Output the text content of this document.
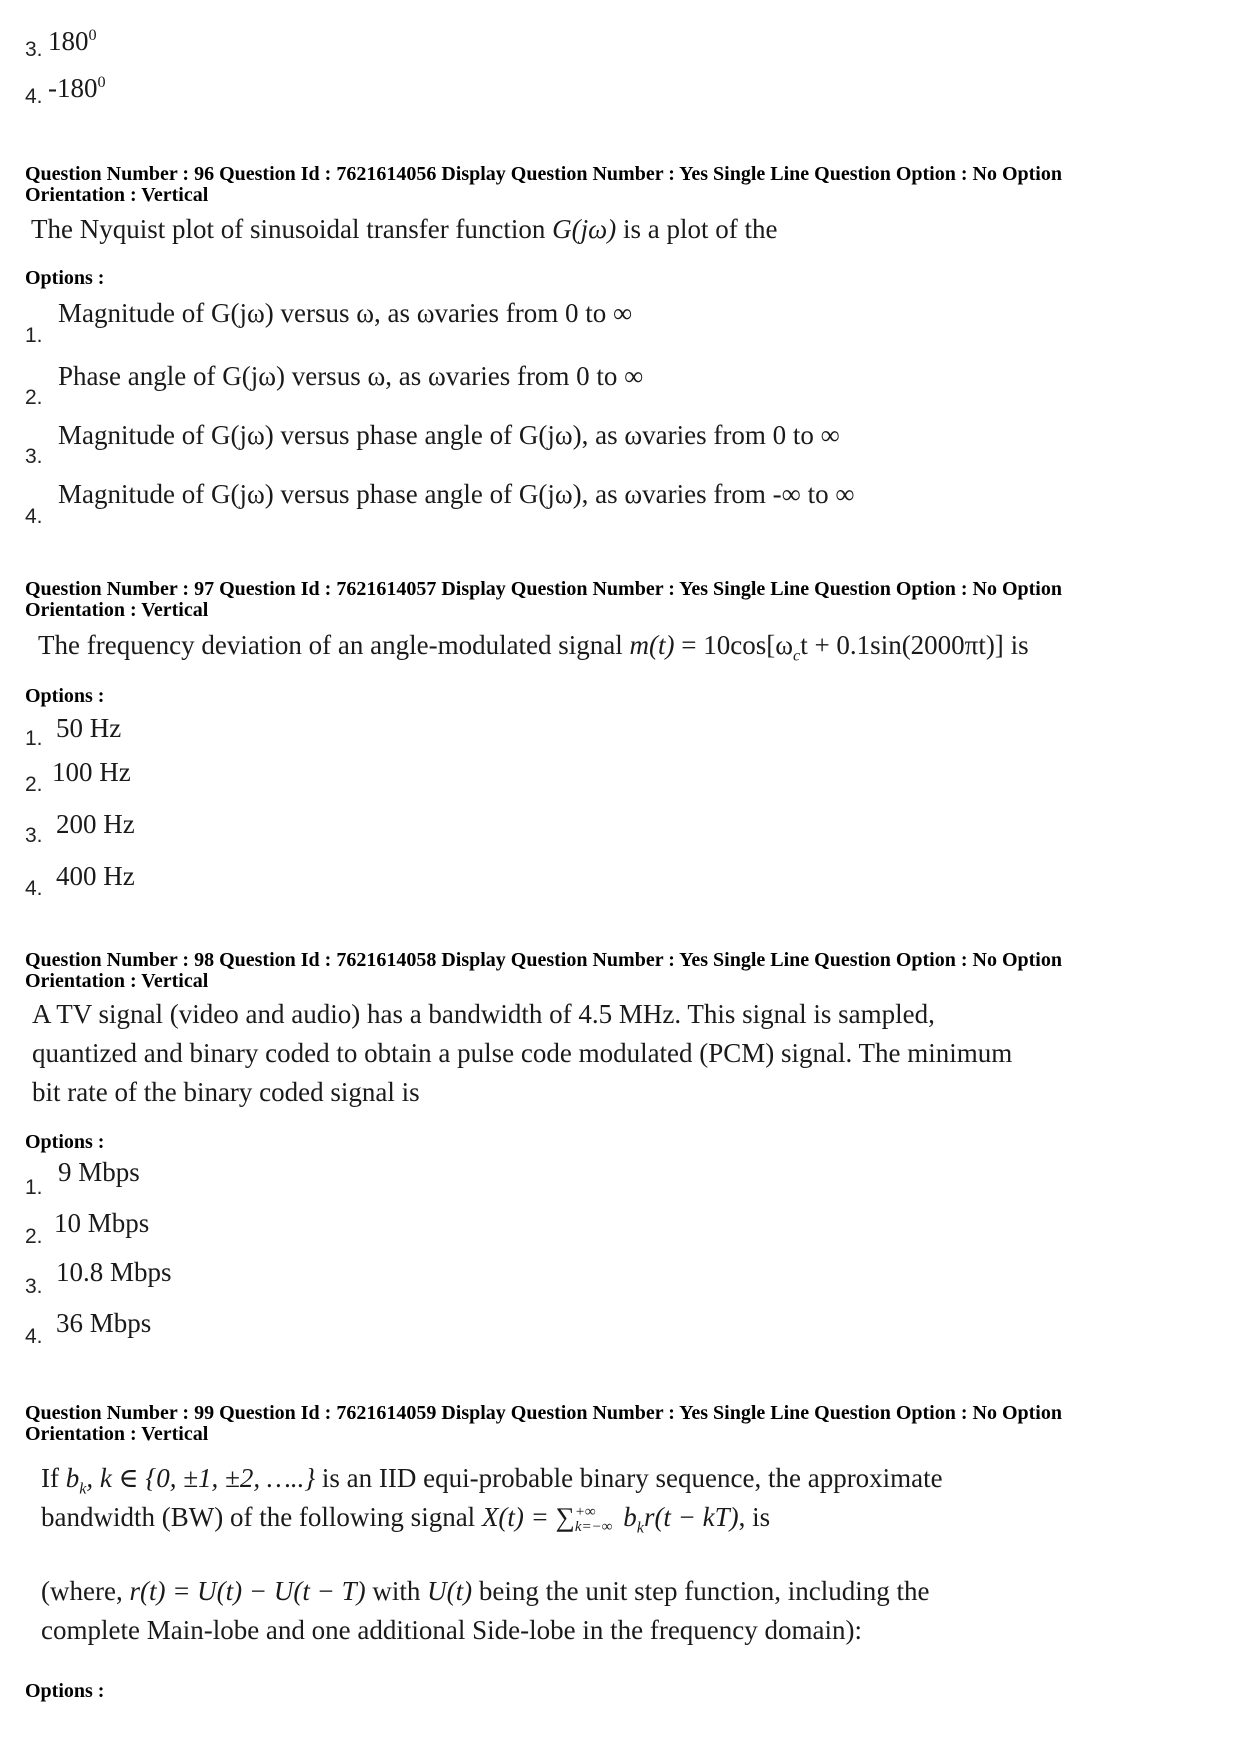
3. $180^0$
4. $-180^0$
Question Number : 96 Question Id : 7621614056 Display Question Number : Yes Single Line Question Option : No Option
Orientation : Vertical
The Nyquist plot of sinusoidal transfer function G(jω) is a plot of the
Options :
1.
Magnitude of G(jω) versus ω, as ωvaries from 0 to ∞
2.
Phase angle of G(jω) versus ω, as ωvaries from 0 to ∞
3.
Magnitude of G(jω) versus phase angle of G(jω), as ωvaries from 0 to ∞
4.
Magnitude of G(jω) versus phase angle of G(jω), as ωvaries from -∞ to ∞
Question Number : 97 Question Id : 7621614057 Display Question Number : Yes Single Line Question Option : No Option
Orientation : Vertical
The frequency deviation of an angle-modulated signal $m(t) = 10\cos[\omega_ct + 0.1\sin(2000\pi t)]$ is
Options :
1. 50 Hz
2. 100 Hz
3. 200 Hz
4. 400 Hz
Question Number : 98 Question Id : 7621614058 Display Question Number : Yes Single Line Question Option : No Option
Orientation : Vertical
A TV signal (video and audio) has a bandwidth of 4.5 MHz. This signal is sampled,
quantized and binary coded to obtain a pulse code modulated (PCM) signal. The minimum
bit rate of the binary coded signal is
Options :
1.
9 Mbps
2. 10 Mbps
3. 10.8 Mbps
4. 36 Mbps
Question Number : 99 Question Id : 7621614059 Display Question Number : Yes Single Line Question Option : No Option
Orientation : Vertical
If $b_k$, k ∈ {0, ±1, ±2, …..} is an IID equi-probable binary sequence, the approximate
bandwidth (BW) of the following signal X(t) = ∑ +∞
k=−∞ $b_kr(t - kT)$, is
(where, r(t) = U(t) − U(t − T) with U(t) being the unit step function, including the
complete Main-lobe and one additional Side-lobe in the frequency domain):
Options :
